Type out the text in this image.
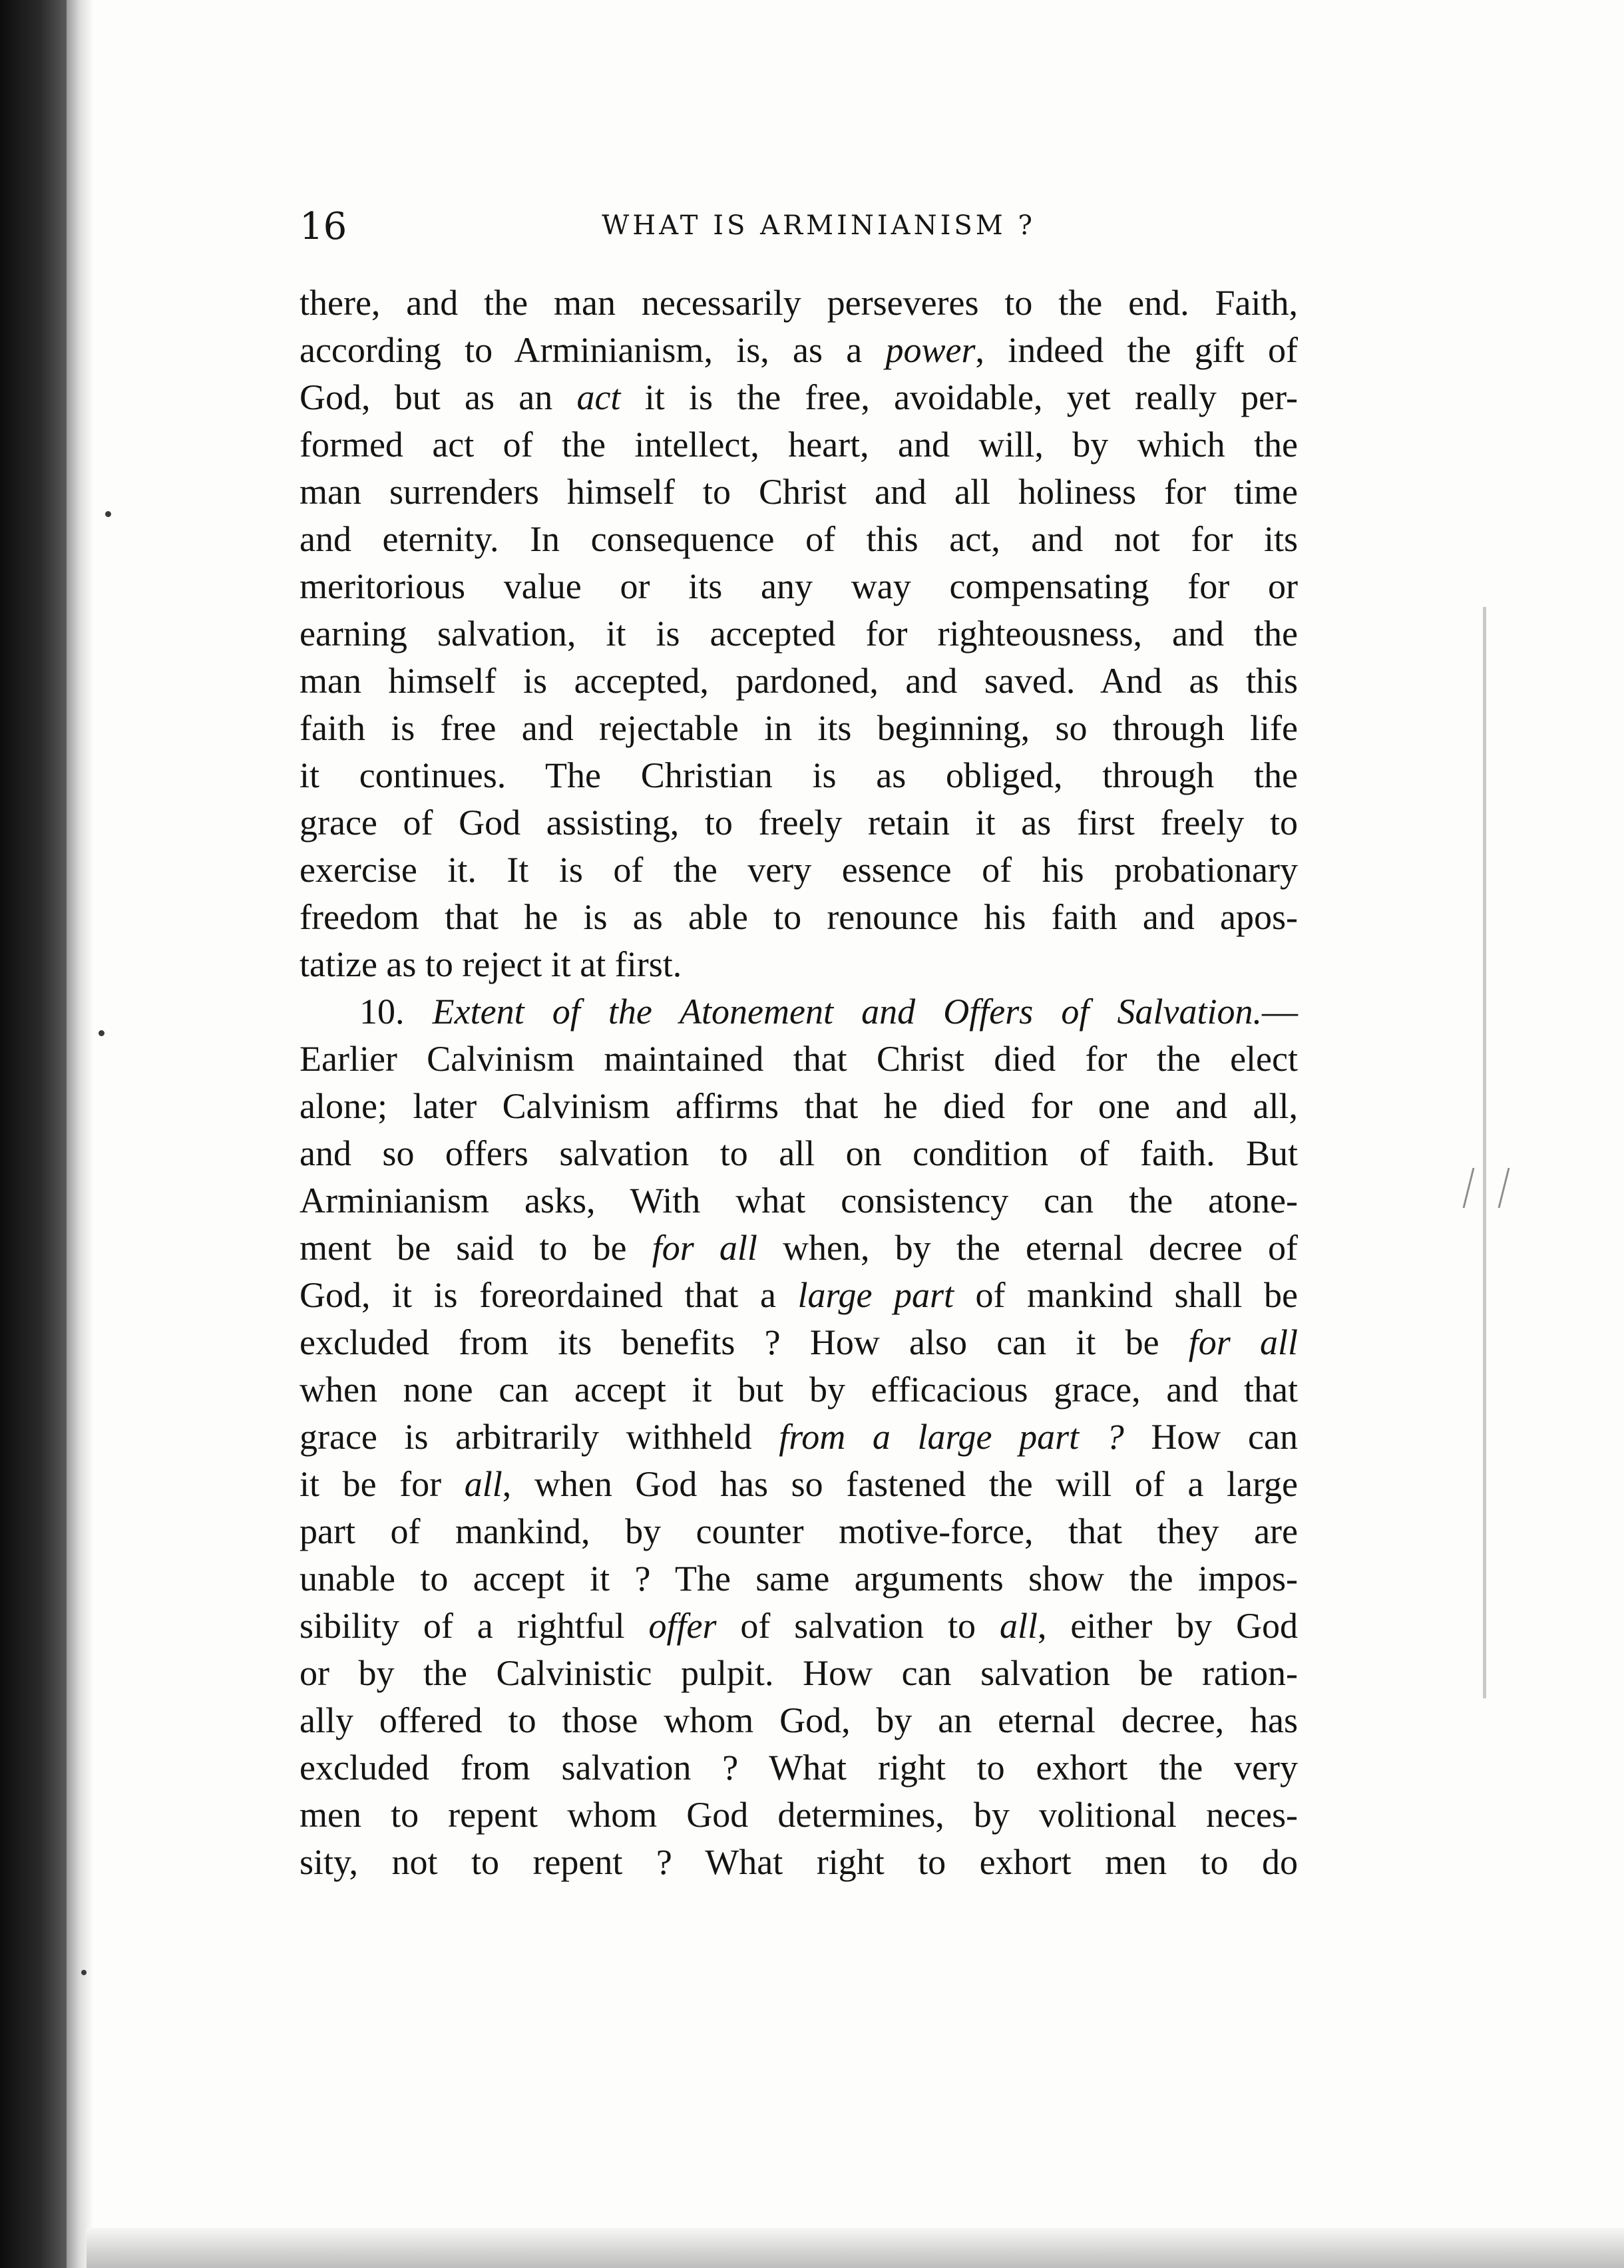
16	WHAT IS ARMINIANISM ?
there, and the man necessarily perseveres to the end. Faith,
according to Arminianism, is, as a power, indeed the gift of
God, but as an act it is the free, avoidable, yet really per-
formed act of the intellect, heart, and will, by which the
man surrenders himself to Christ and all holiness for time
and eternity. In consequence of this act, and not for its
meritorious value or its any way compensating for or
earning salvation, it is accepted for righteousness, and the
man himself is accepted, pardoned, and saved. And as this
faith is free and rejectable in its beginning, so through life
it continues. The Christian is as obliged, through the
grace of God assisting, to freely retain it as first freely to
exercise it. It is of the very essence of his probationary
freedom that he is as able to renounce his faith and apos-
tatize as to reject it at first.
10. Extent of the Atonement and Offers of Salvation.—
Earlier Calvinism maintained that Christ died for the elect
alone; later Calvinism affirms that he died for one and all,
and so offers salvation to all on condition of faith. But
Arminianism asks, With what consistency can the atone-
ment be said to be for all when, by the eternal decree of
God, it is foreordained that a large part of mankind shall be
excluded from its benefits ? How also can it be for all
when none can accept it but by efficacious grace, and that
grace is arbitrarily withheld from a large part ? How can
it be for all, when God has so fastened the will of a large
part of mankind, by counter motive-force, that they are
unable to accept it ? The same arguments show the impos-
sibility of a rightful offer of salvation to all, either by God
or by the Calvinistic pulpit. How can salvation be ration-
ally offered to those whom God, by an eternal decree, has
excluded from salvation ? What right to exhort the very
men to repent whom God determines, by volitional neces-
sity, not to repent ? What right to exhort men to do
